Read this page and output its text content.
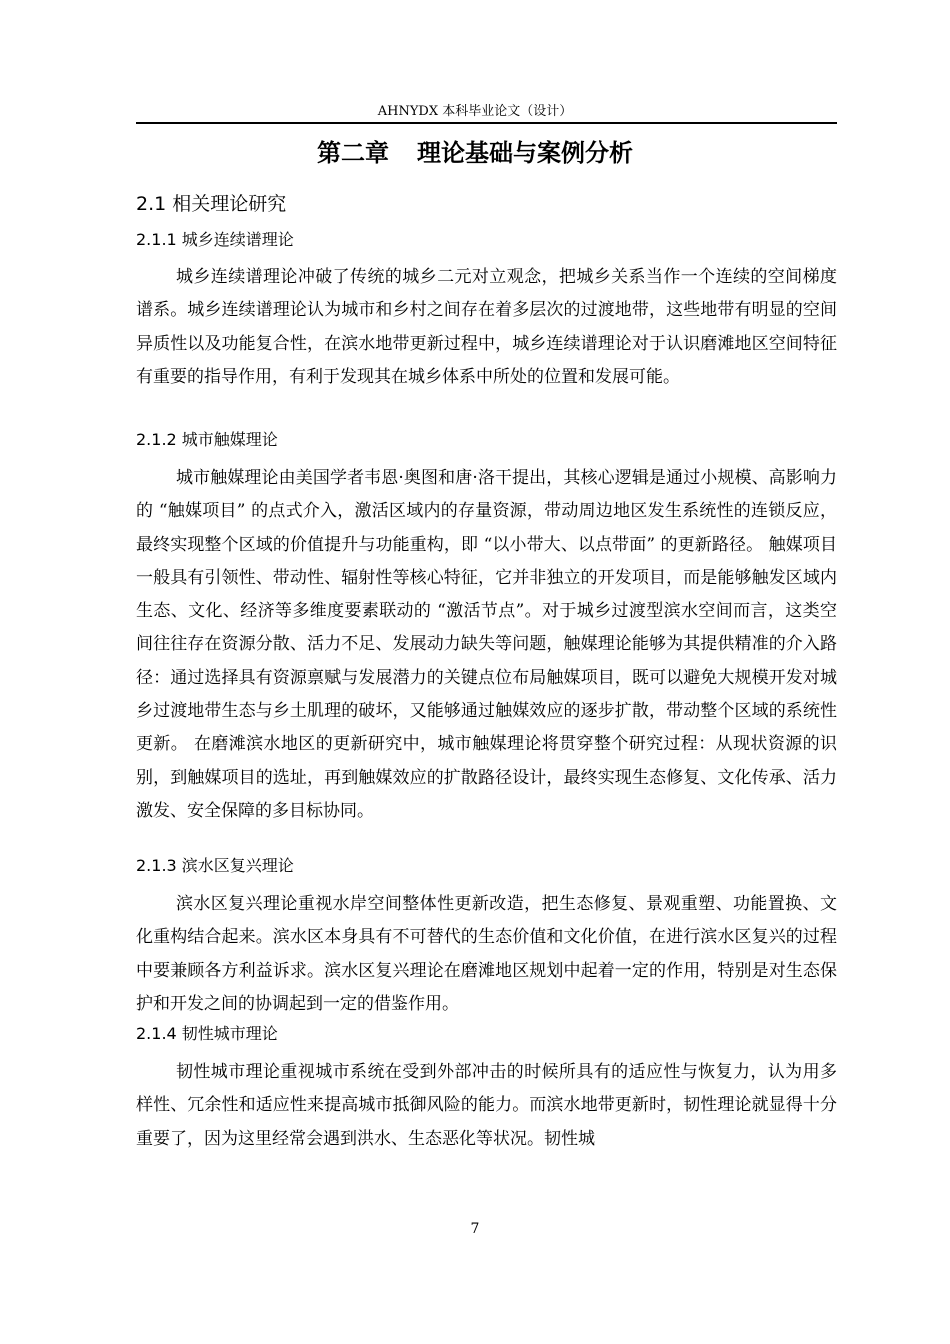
AHNYDX 本科毕业论文（设计）
第二章 理论基础与案例分析
2.1 相关理论研究
2.1.1 城乡连续谱理论

城乡连续谱理论冲破了传统的城乡二元对立观念，把城乡关系当作一个连续的空间梯度谱系。城乡连续谱理论认为城市和乡村之间存在着多层次的过渡地带，这些地带有明显的空间异质性以及功能复合性，在滨水地带更新过程中，城乡连续谱理论对于认识磨滩地区空间特征有重要的指导作用，有利于发现其在城乡体系中所处的位置和发展可能。

2.1.2 城市触媒理论

城市触媒理论由美国学者韦恩·奥图和唐·洛干提出，其核心逻辑是通过小规模、高影响力的 “触媒项目” 的点式介入，激活区域内的存量资源，带动周边地区发生系统性的连锁反应，最终实现整个区域的价值提升与功能重构，即 “以小带大、以点带面” 的更新路径。 触媒项目一般具有引领性、带动性、辐射性等核心特征，它并非独立的开发项目，而是能够触发区域内生态、文化、经济等多维度要素联动的 “激活节点”。对于城乡过渡型滨水空间而言，这类空间往往存在资源分散、活力不足、发展动力缺失等问题，触媒理论能够为其提供精准的介入路径：通过选择具有资源禀赋与发展潜力的关键点位布局触媒项目，既可以避免大规模开发对城乡过渡地带生态与乡土肌理的破坏，又能够通过触媒效应的逐步扩散，带动整个区域的系统性更新。 在磨滩滨水地区的更新研究中，城市触媒理论将贯穿整个研究过程：从现状资源的识别，到触媒项目的选址，再到触媒效应的扩散路径设计，最终实现生态修复、文化传承、活力激发、安全保障的多目标协同。

2.1.3 滨水区复兴理论

滨水区复兴理论重视水岸空间整体性更新改造，把生态修复、景观重塑、功能置换、文化重构结合起来。滨水区本身具有不可替代的生态价值和文化价值，在进行滨水区复兴的过程中要兼顾各方利益诉求。滨水区复兴理论在磨滩地区规划中起着一定的作用，特别是对生态保护和开发之间的协调起到一定的借鉴作用。

2.1.4 韧性城市理论

韧性城市理论重视城市系统在受到外部冲击的时候所具有的适应性与恢复力，认为用多样性、冗余性和适应性来提高城市抵御风险的能力。而滨水地带更新时，韧性理论就显得十分重要了，因为这里经常会遇到洪水、生态恶化等状况。韧性城

7
